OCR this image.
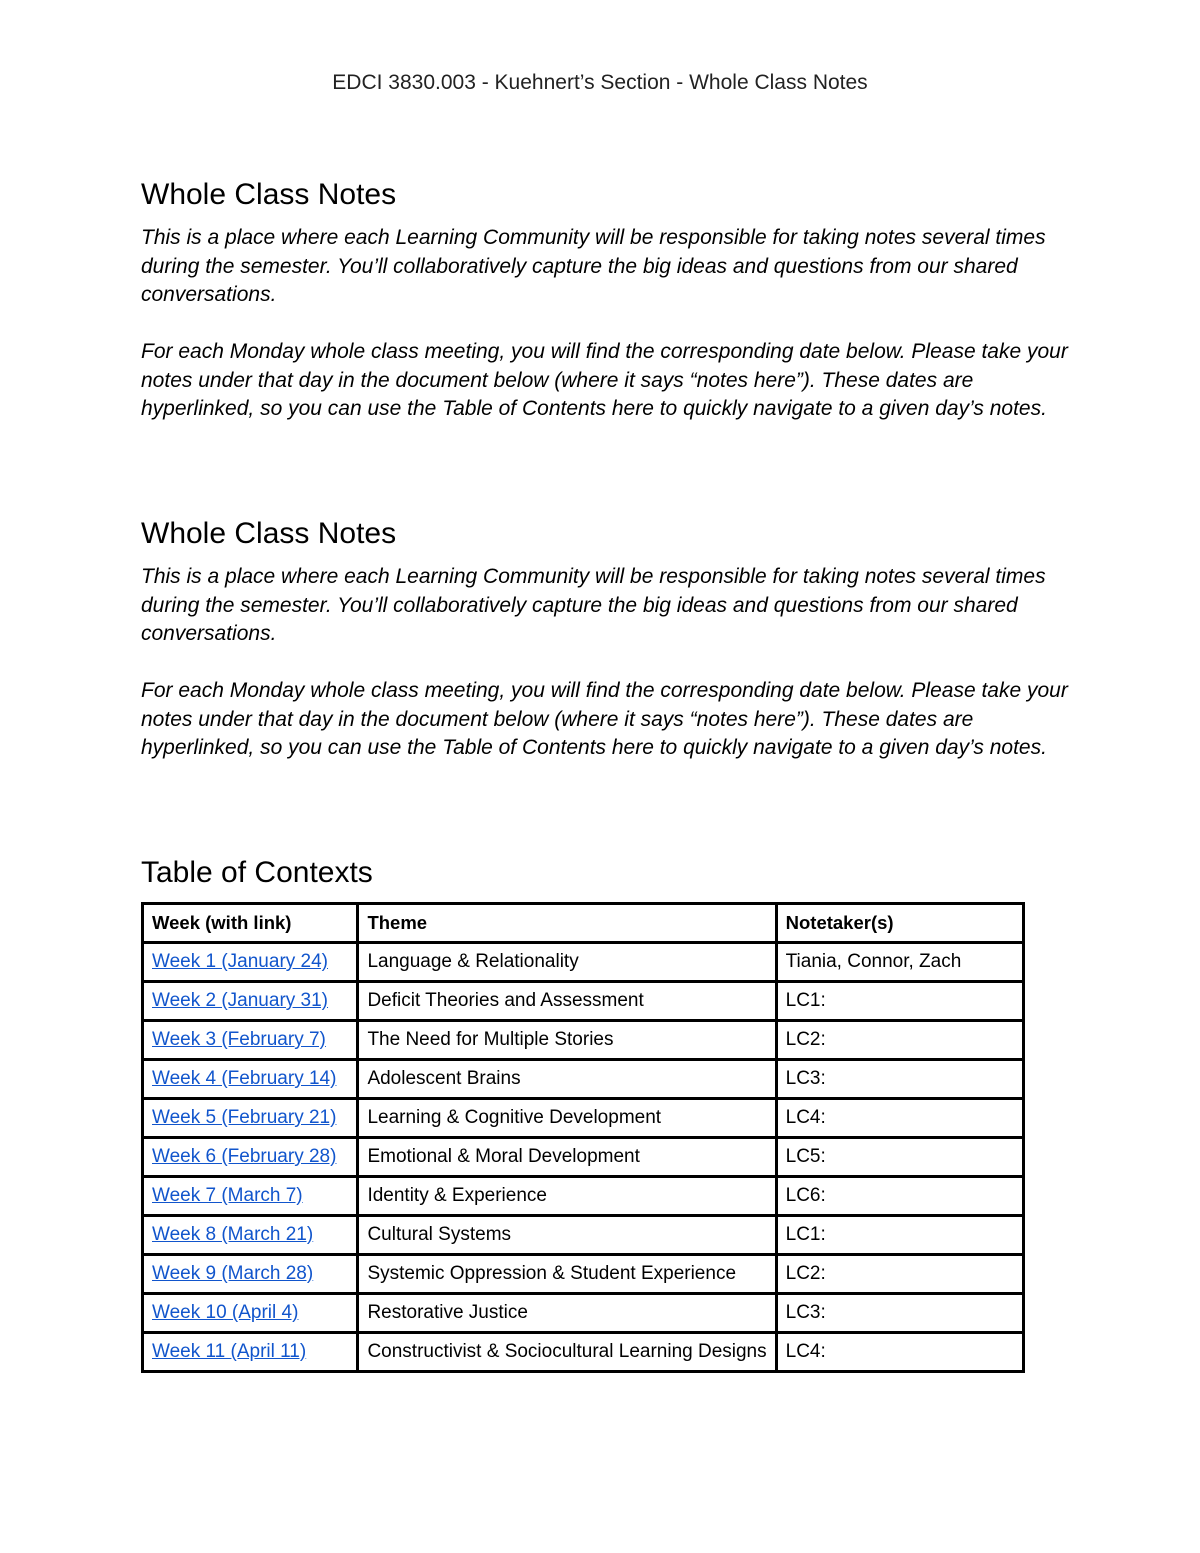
EDCI 3830.003 - Kuehnert’s Section - Whole Class Notes
Whole Class Notes

This is a place where each Learning Community will be responsible for taking notes several times during the semester. You’ll collaboratively capture the big ideas and questions from our shared conversations.

For each Monday whole class meeting, you will find the corresponding date below. Please take your notes under that day in the document below (where it says “notes here”). These dates are hyperlinked, so you can use the Table of Contents here to quickly navigate to a given day’s notes.

Whole Class Notes

This is a place where each Learning Community will be responsible for taking notes several times during the semester. You’ll collaboratively capture the big ideas and questions from our shared conversations.

For each Monday whole class meeting, you will find the corresponding date below. Please take your notes under that day in the document below (where it says “notes here”). These dates are hyperlinked, so you can use the Table of Contents here to quickly navigate to a given day’s notes.

Table of Contexts
Week (with link)	Theme	Notetaker(s)
Week 1 (January 24)	Language & Relationality	Tiania, Connor, Zach
Week 2 (January 31)	Deficit Theories and Assessment	LC1:
Week 3 (February 7)	The Need for Multiple Stories	LC2:
Week 4 (February 14)	Adolescent Brains	LC3:
Week 5 (February 21)	Learning & Cognitive Development	LC4:
Week 6 (February 28)	Emotional & Moral Development	LC5:
Week 7 (March 7)	Identity & Experience	LC6:
Week 8 (March 21)	Cultural Systems	LC1:
Week 9 (March 28)	Systemic Oppression & Student Experience	LC2:
Week 10 (April 4)	Restorative Justice	LC3:
Week 11 (April 11)	Constructivist & Sociocultural Learning Designs	LC4:
